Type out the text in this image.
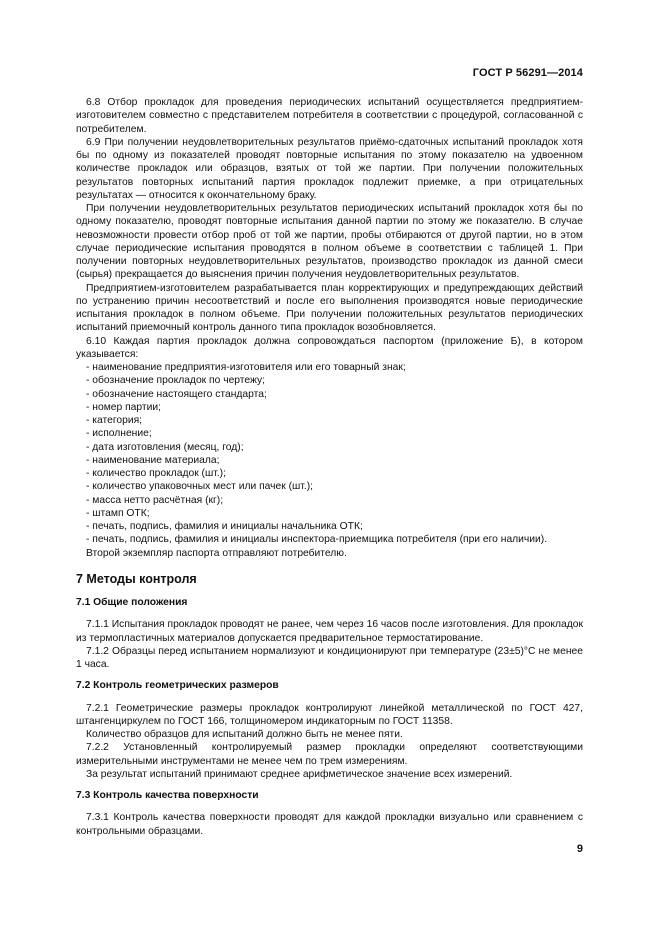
ГОСТ Р 56291—2014

6.8 Отбор прокладок для проведения периодических испытаний осуществляется предприятием-изготовителем совместно с представителем потребителя в соответствии с процедурой, согласованной с потребителем.

6.9 При получении неудовлетворительных результатов приёмо-сдаточных испытаний прокладок хотя бы по одному из показателей проводят повторные испытания по этому показателю на удвоенном количестве прокладок или образцов, взятых от той же партии. При получении положительных результатов повторных испытаний партия прокладок подлежит приемке, а при отрицательных результатах — относится к окончательному браку.

При получении неудовлетворительных результатов периодических испытаний прокладок хотя бы по одному показателю, проводят повторные испытания данной партии по этому же показателю. В случае невозможности провести отбор проб от той же партии, пробы отбираются от другой партии, но в этом случае периодические испытания проводятся в полном объеме в соответствии с таблицей 1. При получении повторных неудовлетворительных результатов, производство прокладок из данной смеси (сырья) прекращается до выяснения причин получения неудовлетворительных результатов.

Предприятием-изготовителем разрабатывается план корректирующих и предупреждающих действий по устранению причин несоответствий и после его выполнения производятся новые периодические испытания прокладок в полном объеме. При получении положительных результатов периодических испытаний приемочный контроль данного типа прокладок возобновляется.

6.10 Каждая партия прокладок должна сопровождаться паспортом (приложение Б), в котором указывается:

- наименование предприятия-изготовителя или его товарный знак;

- обозначение прокладок по чертежу;

- обозначение настоящего стандарта;

- номер партии;

- категория;

- исполнение;

- дата изготовления (месяц, год);

- наименование материала;

- количество прокладок (шт.);

- количество упаковочных мест или пачек (шт.);

- масса нетто расчётная (кг);

- штамп ОТК;

- печать, подпись, фамилия и инициалы начальника ОТК;

- печать, подпись, фамилия и инициалы инспектора-приемщика потребителя (при его наличии).

Второй экземпляр паспорта отправляют потребителю.

7 Методы контроля
7.1 Общие положения

7.1.1 Испытания прокладок проводят не ранее, чем через 16 часов после изготовления. Для прокладок из термопластичных материалов допускается предварительное термостатирование.

7.1.2 Образцы перед испытанием нормализуют и кондиционируют при температуре (23±5)°С не менее 1 часа.

7.2 Контроль геометрических размеров

7.2.1 Геометрические размеры прокладок контролируют линейкой металлической по ГОСТ 427, штангенциркулем по ГОСТ 166, толщиномером индикаторным по ГОСТ 11358.

Количество образцов для испытаний должно быть не менее пяти.

7.2.2 Установленный контролируемый размер прокладки определяют соответствующими измерительными инструментами не менее чем по трем измерениям.

За результат испытаний принимают среднее арифметическое значение всех измерений.

7.3 Контроль качества поверхности

7.3.1 Контроль качества поверхности проводят для каждой прокладки визуально или сравнением с контрольными образцами.

9
